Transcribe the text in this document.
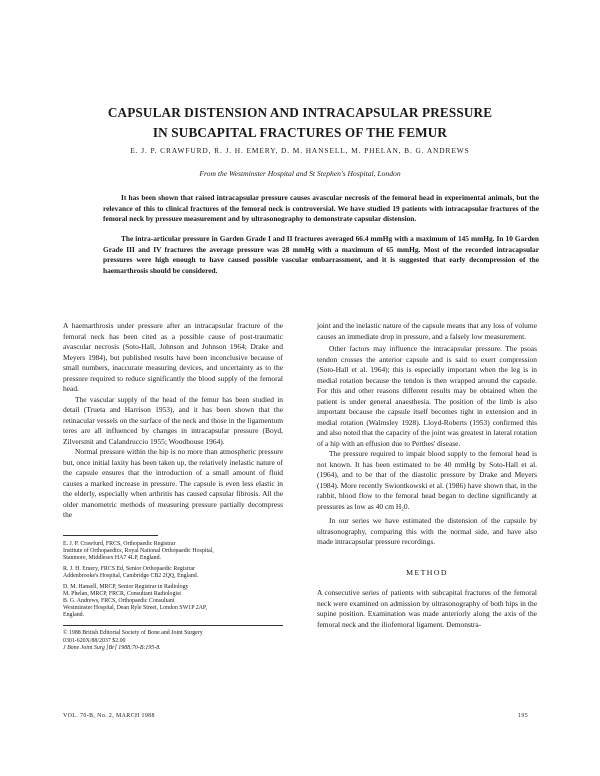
CAPSULAR DISTENSION AND INTRACAPSULAR PRESSURE
IN SUBCAPITAL FRACTURES OF THE FEMUR

E. J. P. CRAWFURD, R. J. H. EMERY, D. M. HANSELL, M. PHELAN, B. G. ANDREWS

From the Westminster Hospital and St Stephen's Hospital, London

It has been shown that raised intracapsular pressure causes avascular necrosis of the femoral head in experimental animals, but the relevance of this to clinical fractures of the femoral neck is controversial. We have studied 19 patients with intracapsular fractures of the femoral neck by pressure measurement and by ultrasonography to demonstrate capsular distension.

The intra-articular pressure in Garden Grade I and II fractures averaged 66.4 mmHg with a maximum of 145 mmHg. In 10 Garden Grade III and IV fractures the average pressure was 28 mmHg with a maximum of 65 mmHg. Most of the recorded intracapsular pressures were high enough to have caused possible vascular embarrassment, and it is suggested that early decompression of the haemarthrosis should be considered.

A haemarthrosis under pressure after an intracapsular fracture of the femoral neck has been cited as a possible cause of post-traumatic avascular necrosis (Soto-Hall, Johnson and Johnson 1964; Drake and Meyers 1984), but published results have been inconclusive because of small numbers, inaccurate measuring devices, and uncertainty as to the pressure required to reduce significantly the blood supply of the femoral head.

The vascular supply of the head of the femur has been studied in detail (Trueta and Harrison 1953), and it has been shown that the retinacular vessels on the surface of the neck and those in the ligamentum teres are all influenced by changes in intracapsular pressure (Boyd, Zilversmit and Calandruccio 1955; Woodhouse 1964).

Normal pressure within the hip is no more than atmospheric pressure but, once initial laxity has been taken up, the relatively inelastic nature of the capsule ensures that the introduction of a small amount of fluid causes a marked increase in pressure. The capsule is even less elastic in the elderly, especially when arthritis has caused capsular fibrosis. All the older manometric methods of measuring pressure partially decompress the

E. J. P. Crawfurd, FRCS, Orthopaedic Registrar
Institute of Orthopaedics, Royal National Orthopaedic Hospital,
Stanmore, Middlesex HA7 4LP, England.
R. J. H. Emery, FRCS Ed, Senior Orthopaedic Registrar
Addenbrooke's Hospital, Cambridge CB2 2QQ, England.
D. M. Hansell, MRCP, Senior Registrar in Radiology
M. Phelan, MRCP, FRCR, Consultant Radiologist
B. G. Andrews, FRCS, Orthopaedic Consultant
Westminster Hospital, Dean Ryle Street, London SW1P 2AP,
England.
© 1988 British Editorial Society of Bone and Joint Surgery
0301-620X/88/2037 $2.00
J Bone Joint Surg [Br] 1988;70-B:195-8.

joint and the inelastic nature of the capsule means that any loss of volume causes an immediate drop in pressure, and a falsely low measurement.

Other factors may influence the intracapsular pressure. The psoas tendon crosses the anterior capsule and is said to exert compression (Soto-Hall et al. 1964); this is especially important when the leg is in medial rotation because the tendon is then wrapped around the capsule. For this and other reasons different results may be obtained when the patient is under general anaesthesia. The position of the limb is also important because the capsule itself becomes tight in extension and in medial rotation (Walmsley 1928). Lloyd-Roberts (1953) confirmed this and also noted that the capacity of the joint was greatest in lateral rotation of a hip with an effusion due to Perthes' disease.

The pressure required to impair blood supply to the femoral head is not known. It has been estimated to be 40 mmHg by Soto-Hall et al. (1964), and to be that of the diastolic pressure by Drake and Meyers (1984). More recently Swiontkowski et al. (1986) have shown that, in the rabbit, blood flow to the femoral head began to decline significantly at pressures as low as 40 cm H₂0.

In our series we have estimated the distension of the capsule by ultrasonography, comparing this with the normal side, and have also made intracapsular pressure recordings.

METHOD

A consecutive series of patients with subcapital fractures of the femoral neck were examined on admission by ultrasonography of both hips in the supine position. Examination was made anteriorly along the axis of the femoral neck and the iliofemoral ligament. Demonstra-

VOL. 70-B, No. 2, MARCH 1988	195
